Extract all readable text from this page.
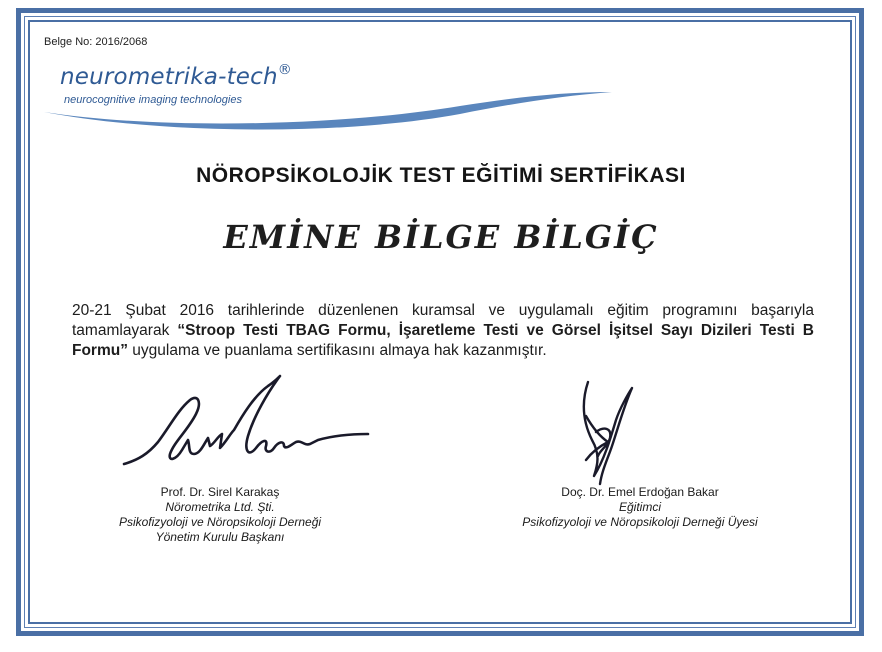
Belge No: 2016/2068
neurometrika-tech®
neurocognitive imaging technologies
NÖROPSİKOLOJİK TEST EĞİTİMİ SERTİFİKASI
EMİNE BİLGE BİLGİÇ
20-21 Şubat 2016 tarihlerinde düzenlenen kuramsal ve uygulamalı eğitim programını başarıyla tamamlayarak “Stroop Testi TBAG Formu, İşaretleme Testi ve Görsel İşitsel Sayı Dizileri Testi B Formu” uygulama ve puanlama sertifikasını almaya hak kazanmıştır.
Prof. Dr. Sirel Karakaş
Nörometrika Ltd. Şti.
Psikofizyoloji ve Nöropsikoloji Derneği
Yönetim Kurulu Başkanı
Doç. Dr. Emel Erdoğan Bakar
Eğitimci
Psikofizyoloji ve Nöropsikoloji Derneği Üyesi
